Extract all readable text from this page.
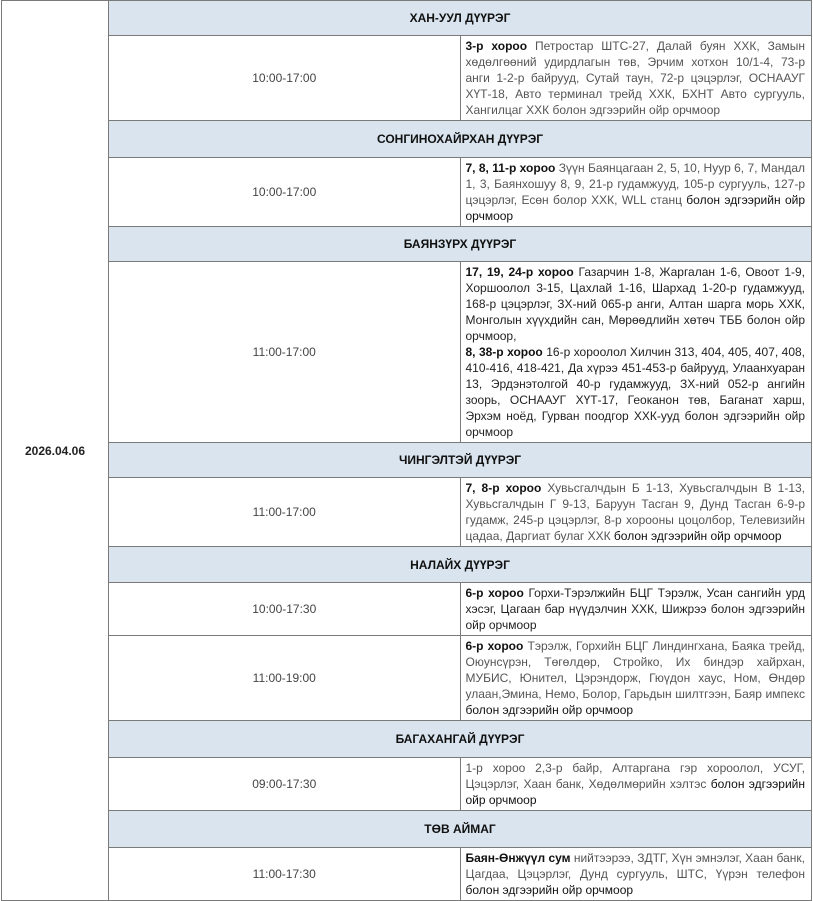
2026.04.06	ХАН-УУЛ ДҮҮРЭГ	
	10:00-17:00	3-р хороо Петростар ШТС-27, Далай буян ХХК, Замын хөдөлгөөний удирдлагын төв, Эрчим хотхон 10/1-4, 73-р анги 1-2-р байрууд, Сутай таун, 72-р цэцэрлэг, ОСНААУГ ХҮТ-18, Авто терминал трейд ХХК, БХНТ Авто сургууль, Хангилцаг ХХК болон эдгээрийн ойр орчмоор
	СОНГИНОХАЙРХАН ДҮҮРЭГ	
	10:00-17:00	7, 8, 11-р хороо Зүүн Баянцагаан 2, 5, 10, Нуур 6, 7, Мандал 1, 3, Баянхошуу 8, 9, 21-р гудамжууд, 105-р сургууль, 127-р цэцэрлэг, Есөн болор ХХК, WLL станц болон эдгээрийн ойр орчмоор
	БАЯНЗҮРХ ДҮҮРЭГ	
	11:00-17:00	17, 19, 24-р хороо Газарчин 1-8, Жаргалан 1-6, Овоот 1-9, Хоршоолол 3-15, Цахлай 1-16, Шархад 1-20-р гудамжууд, 168-р цэцэрлэг, ЗХ-ний 065-р анги, Алтан шарга морь ХХК, Монголын хүүхдийн сан, Мөрөөдлийн хөтөч ТББ болон ойр орчмоор,
8, 38-р хороо 16-р хороолол Хилчин 313, 404, 405, 407, 408, 410-416, 418-421, Да хүрээ 451-453-р байрууд, Улаанхуаран 13, Эрдэнэтолгой 40-р гудамжууд, ЗХ-ний 052-р ангийн зоорь, ОСНААУГ ХҮТ-17, Геоканон төв, Баганат харш, Эрхэм ноёд, Гурван поодгор ХХК-ууд болон эдгээрийн ойр орчмоор
	ЧИНГЭЛТЭЙ ДҮҮРЭГ	
	11:00-17:00	7, 8-р хороо Хувьсгалчдын Б 1-13, Хувьсгалчдын В 1-13, Хувьсгалчдын Г 9-13, Баруун Тасган 9, Дунд Тасган 6-9-р гудамж, 245-р цэцэрлэг, 8-р хорооны цоцолбор, Телевизийн цадаа, Даргиат булаг ХХК болон эдгээрийн ойр орчмоор
	НАЛАЙХ ДҮҮРЭГ	
	10:00-17:30	6-р хороо Горхи-Тэрэлжийн БЦГ Тэрэлж, Усан сангийн урд хэсэг, Цагаан бар нүүдэлчин ХХК, Шижрээ болон эдгээрийн ойр орчмоор
	11:00-19:00	6-р хороо Тэрэлж, Горхийн БЦГ Линдингхана, Баяка трейд, Оюунсүрэн, Төгөлдөр, Стройко, Их биндэр хайрхан, МУБИС, Юнител, Цэрэндорж, Гюүдон хаус, Ном, Өндөр улаан,Эмина, Немо, Болор, Гарьдын шилтгээн, Баяр импекс болон эдгээрийн ойр орчмоор
	БАГАХАНГАЙ ДҮҮРЭГ	
	09:00-17:30	1-р хороо 2,3-р байр, Алтаргана гэр хороолол, УСУГ, Цэцэрлэг, Хаан банк, Хөдөлмөрийн хэлтэс болон эдгээрийн ойр орчмоор
	ТӨВ АЙМАГ	
	11:00-17:30	Баян-Өнжүүл сум нийтээрээ, ЗДТГ, Хүн эмнэлэг, Хаан банк, Цагдаа, Цэцэрлэг, Дунд сургууль, ШТС, Үүрэн телефон болон эдгээрийн ойр орчмоор
